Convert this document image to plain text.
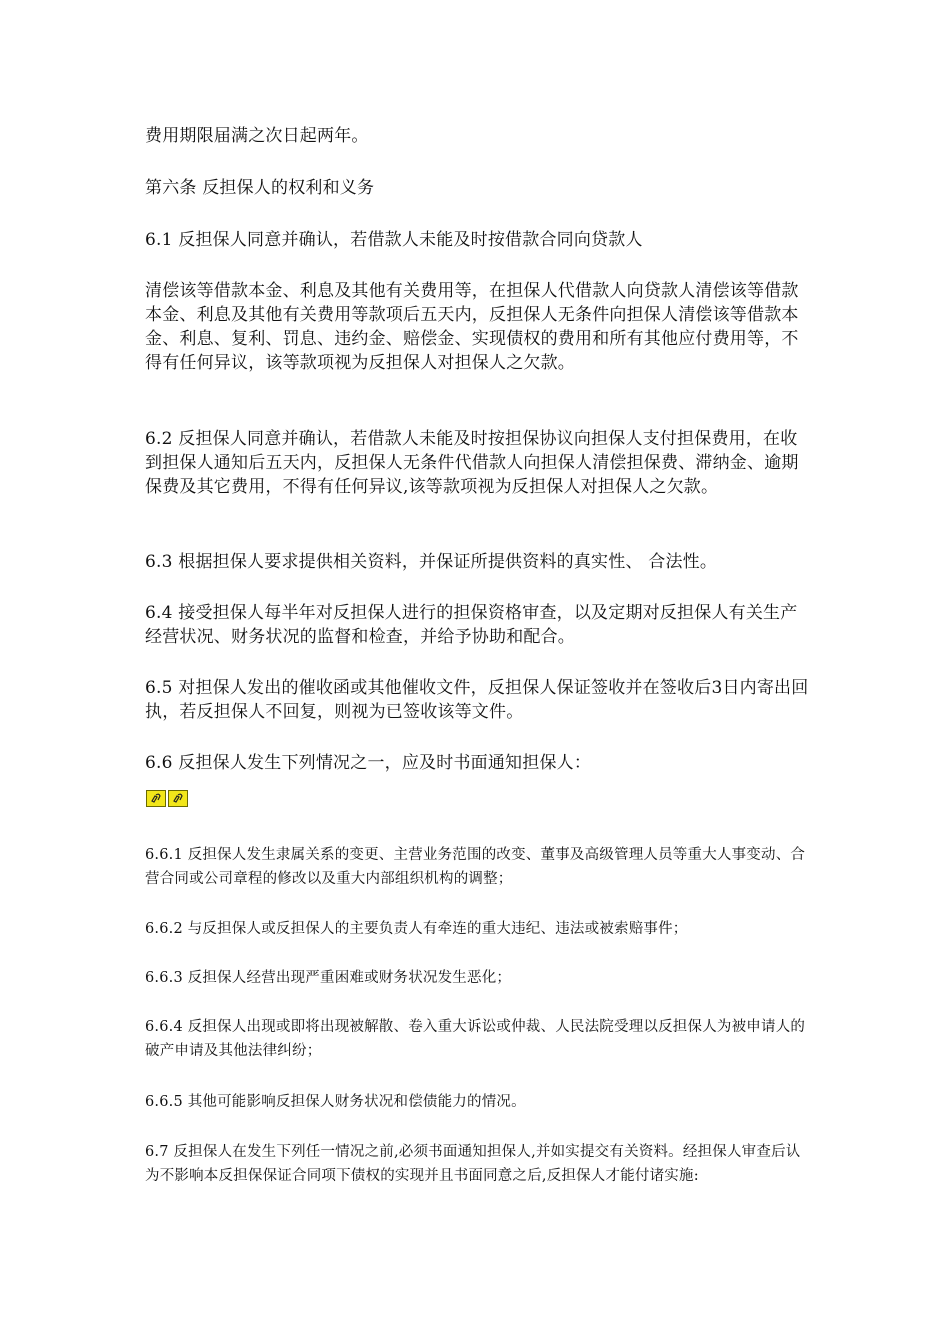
费用期限届满之次日起两年。

第六条 反担保人的权利和义务

6.1 反担保人同意并确认，若借款人未能及时按借款合同向贷款人

清偿该等借款本金、利息及其他有关费用等，在担保人代借款人向贷款人清偿该等借款本金、利息及其他有关费用等款项后五天内，反担保人无条件向担保人清偿该等借款本金、利息、复利、罚息、违约金、赔偿金、实现债权的费用和所有其他应付费用等，不得有任何异议，该等款项视为反担保人对担保人之欠款。

6.2 反担保人同意并确认，若借款人未能及时按担保协议向担保人支付担保费用，在收到担保人通知后五天内，反担保人无条件代借款人向担保人清偿担保费、滞纳金、逾期保费及其它费用，不得有任何异议,该等款项视为反担保人对担保人之欠款。

6.3 根据担保人要求提供相关资料，并保证所提供资料的真实性、 合法性。

6.4 接受担保人每半年对反担保人进行的担保资格审查，以及定期对反担保人有关生产经营状况、财务状况的监督和检查，并给予协助和配合。

6.5 对担保人发出的催收函或其他催收文件，反担保人保证签收并在签收后3日内寄出回执，若反担保人不回复，则视为已签收该等文件。

6.6 反担保人发生下列情况之一，应及时书面通知担保人：

6.6.1 反担保人发生隶属关系的变更、主营业务范围的改变、董事及高级管理人员等重大人事变动、合营合同或公司章程的修改以及重大内部组织机构的调整；

6.6.2 与反担保人或反担保人的主要负责人有牵连的重大违纪、违法或被索赔事件；

6.6.3 反担保人经营出现严重困难或财务状况发生恶化；

6.6.4 反担保人出现或即将出现被解散、卷入重大诉讼或仲裁、人民法院受理以反担保人为被申请人的破产申请及其他法律纠纷；

6.6.5 其他可能影响反担保人财务状况和偿债能力的情况。

6.7 反担保人在发生下列任一情况之前,必须书面通知担保人,并如实提交有关资料。经担保人审查后认为不影响本反担保保证合同项下债权的实现并且书面同意之后,反担保人才能付诸实施:
